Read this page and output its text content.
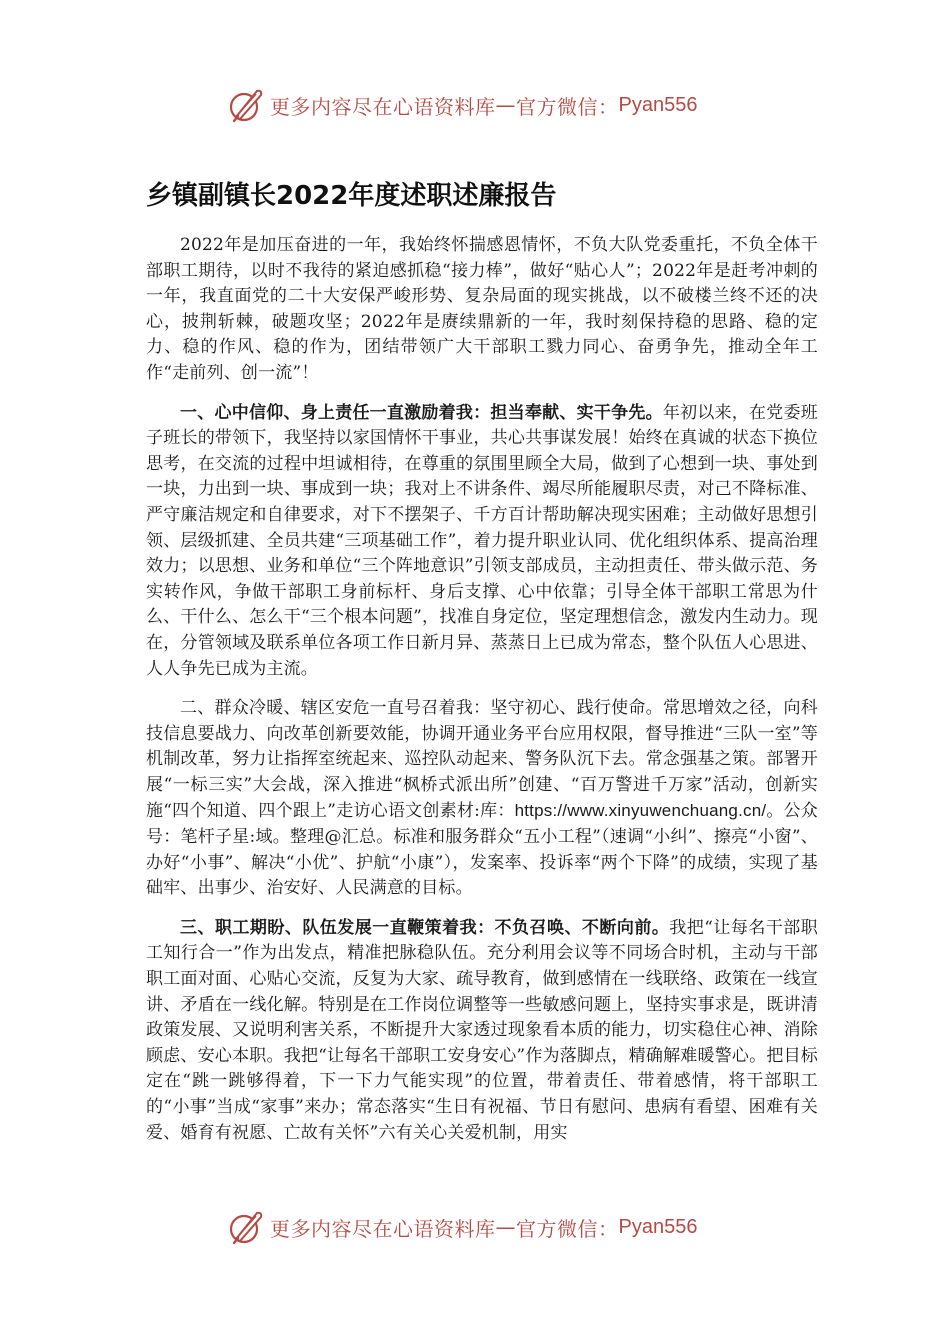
更多内容尽在心语资料库 — 官方微信： Pyan556
乡镇副镇长2022年度述职述廉报告

2022年是加压奋进的一年，我始终怀揣感恩情怀，不负大队党委重托，不负全体干部职工期待，以时不我待的紧迫感抓稳“接力棒”，做好“贴心人”；2022年是赶考冲刺的一年，我直面党的二十大安保严峻形势、复杂局面的现实挑战，以不破楼兰终不还的决心，披荆斩棘，破题攻坚；2022年是赓续鼎新的一年，我时刻保持稳的思路、稳的定力、稳的作风、稳的作为，团结带领广大干部职工戮力同心、奋勇争先，推动全年工作“走前列、创一流”！

一、心中信仰、身上责任一直激励着我：担当奉献、实干争先。年初以来，在党委班子班长的带领下，我坚持以家国情怀干事业，共心共事谋发展！始终在真诚的状态下换位思考，在交流的过程中坦诚相待，在尊重的氛围里顾全大局，做到了心想到一块、事处到一块，力出到一块、事成到一块；我对上不讲条件、竭尽所能履职尽责，对己不降标准、严守廉洁规定和自律要求，对下不摆架子、千方百计帮助解决现实困难；主动做好思想引领、层级抓建、全员共建“三项基础工作”，着力提升职业认同、优化组织体系、提高治理效力；以思想、业务和单位“三个阵地意识”引领支部成员，主动担责任、带头做示范、务实转作风，争做干部职工身前标杆、身后支撑、心中依靠；引导全体干部职工常思为什么、干什么、怎么干“三个根本问题”，找准自身定位，坚定理想信念，激发内生动力。现在，分管领域及联系单位各项工作日新月异、蒸蒸日上已成为常态，整个队伍人心思进、人人争先已成为主流。

二、群众冷暖、辖区安危一直号召着我：坚守初心、践行使命。常思增效之径，向科技信息要战力、向改革创新要效能，协调开通业务平台应用权限，督导推进“三队一室”等机制改革，努力让指挥室统起来、巡控队动起来、警务队沉下去。常念强基之策。部署开展“一标三实”大会战，深入推进“枫桥式派出所”创建、“百万警进千万家”活动，创新实施“四个知道、四个跟上”走访心语文创素材:库：https://www.xinyuwenchuang.cn/。公众号：笔杆子星:域。整理@汇总。标准和服务群众“五小工程”（速调“小纠”、擦亮“小窗”、办好“小事”、解决“小优”、护航“小康”），发案率、投诉率“两个下降”的成绩，实现了基础牢、出事少、治安好、人民满意的目标。

三、职工期盼、队伍发展一直鞭策着我：不负召唤、不断向前。我把“让每名干部职工知行合一”作为出发点，精准把脉稳队伍。充分利用会议等不同场合时机，主动与干部职工面对面、心贴心交流，反复为大家、疏导教育，做到感情在一线联络、政策在一线宣讲、矛盾在一线化解。特别是在工作岗位调整等一些敏感问题上，坚持实事求是，既讲清政策发展、又说明利害关系，不断提升大家透过现象看本质的能力，切实稳住心神、消除顾虑、安心本职。我把“让每名干部职工安身安心”作为落脚点，精确解难暖警心。把目标定在“跳一跳够得着，下一下力气能实现”的位置，带着责任、带着感情，将干部职工的“小事”当成“家事”来办；常态落实“生日有祝福、节日有慰问、患病有看望、困难有关爱、婚育有祝愿、亡故有关怀”六有关心关爱机制，用实

更多内容尽在心语资料库 — 官方微信： Pyan556
